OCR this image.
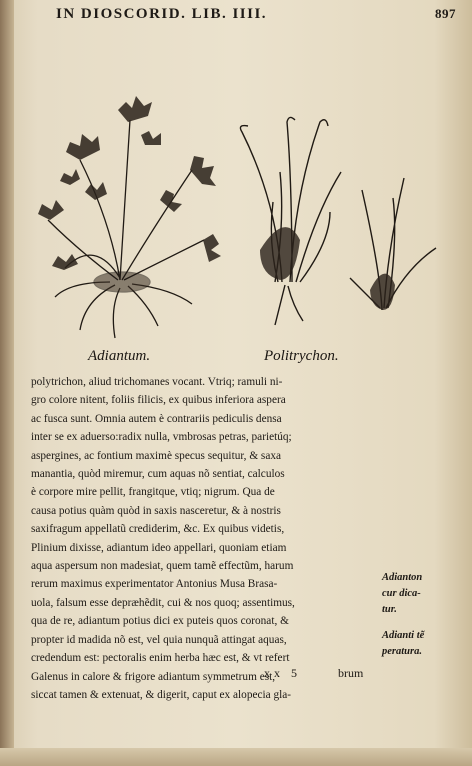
IN DIOSCORID. LIB. IIII.	897
Adiantum.	Politrychon.
polytrichon, aliud trichomanes vocant. Vtriq; ramuli ni-
gro colore nitent, foliis filicis, ex quibus inferiora aspera
ac fusca sunt. Omnia autem è contrariis pediculis densa
inter se ex aduerso:radix nulla, vmbrosas petras, parietúq;
aspergines, ac fontium maximè specus sequitur, & saxa
manantia, quòd miremur, cum aquas nõ sentiat, calculos
è corpore mire pellit, frangitque, vtiq; nigrum. Qua de
causa potius quàm quòd in saxis nasceretur, & à nostris
saxifragum appellatũ crediderim, &c. Ex quibus videtis,
Plinium dixisse, adiantum ideo appellari, quoniam etiam
aqua aspersum non madesiat, quem tamẽ effectũm, harum
rerum maximus experimentator Antonius Musa Brasa-
uola, falsum esse depræhẽdit, cui & nos quoq; assentimus,
qua de re, adiantum potius dici ex puteis quos coronat, &
propter id madida nõ est, vel quia nunquã attingat aquas,
credendum est: pectoralis enim herba hæc est, & vt refert
Galenus in calore & frigore adiantum symmetrum est,
siccat tamen & extenuat, & digerit, caput ex alopecia gla-
Adianton
cur dica-
tur.
Adianti tẽ
peratura.
xx 5	brum
